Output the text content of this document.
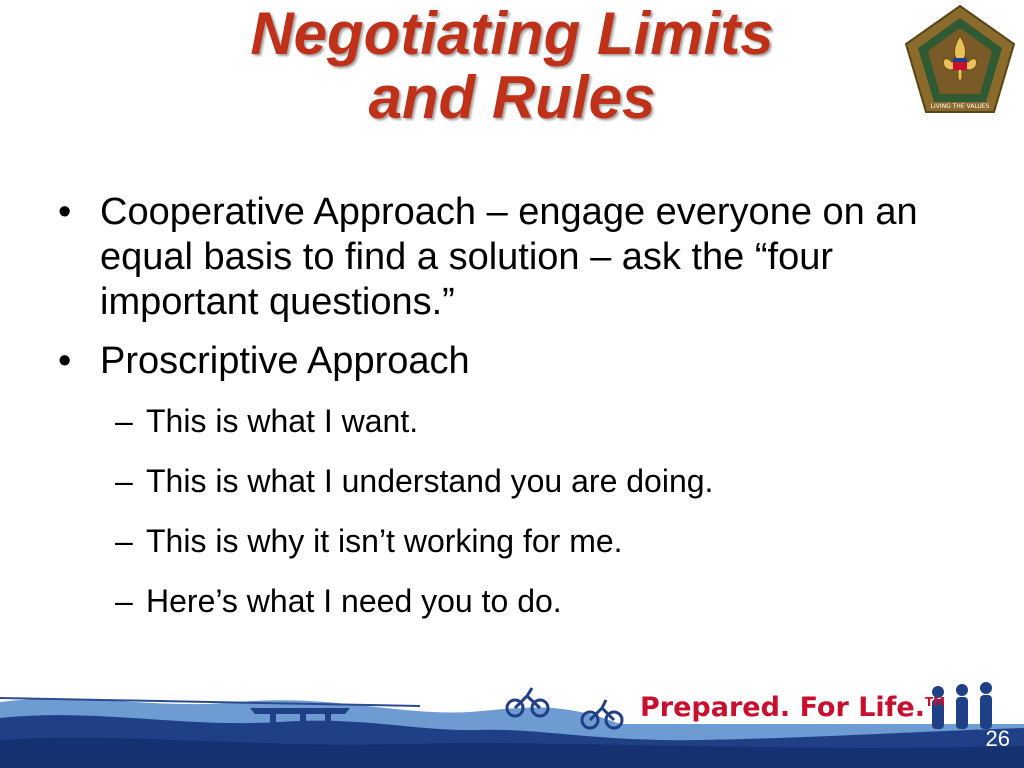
Negotiating Limits
and Rules	LIVING THE VALUES
• Cooperative Approach – engage everyone on an equal basis to find a solution – ask the “four important questions.”
• Proscriptive Approach
– This is what I want.
– This is what I understand you are doing.
– This is why it isn’t working for me.
– Here’s what I need you to do.
Prepared. For Life.™
26
